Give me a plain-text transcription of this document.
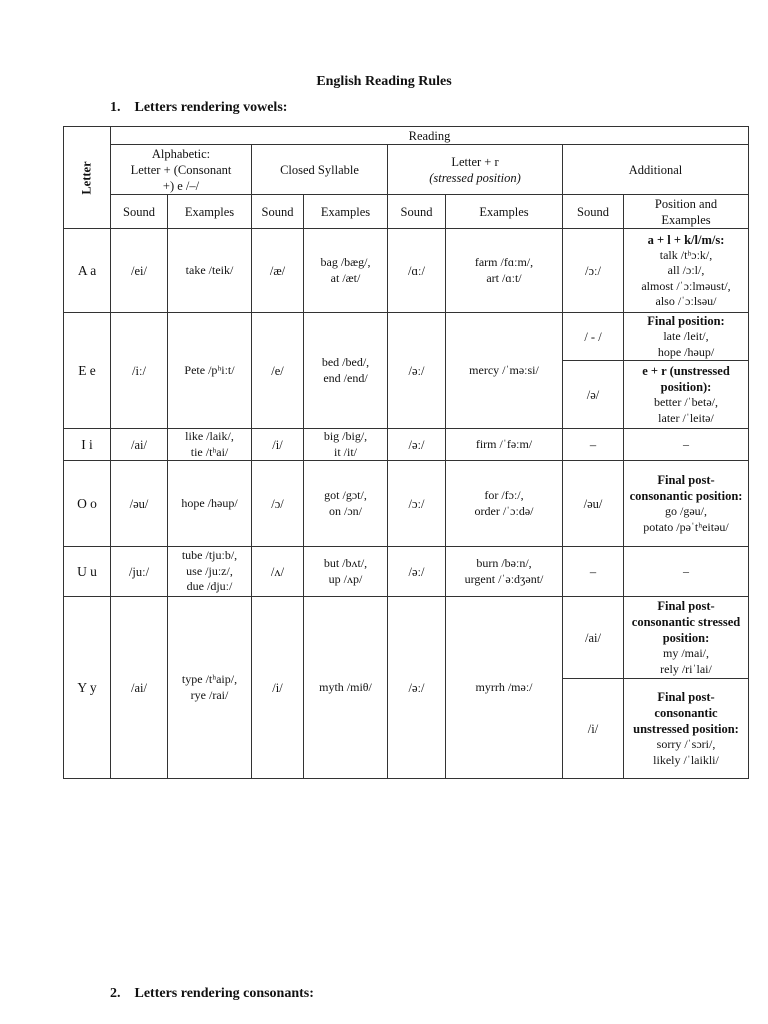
English Reading Rules
1. Letters rendering vowels:
Letter	Reading							

	Alphabetic:
Letter + (Consonant
+) e /–/		Closed Syllable		Letter + r
(stressed position)		Additional	
	Sound	Examples	Sound	Examples	Sound	Examples	Sound	Position and
Examples

A a	/ei/	take /teik/	/æ/	bag /bæg/,
at /æt/	/ɑː/	farm /fɑːm/,
art /ɑːt/	/ɔː/	a + l + k/l/m/s:
talk /tʰɔːk/,
all /ɔːl/,
almost /ˈɔːlməust/,
also /ˈɔːlsəu/

E e	/iː/	Pete /pʰiːt/	/e/	bed /bed/,
end /end/	/əː/	mercy /ˈməːsi/	/ - /	Final position:
late /leit/,
hope /həup/

							/ə/	e + r (unstressed position):
better /ˈbetə/,
later /ˈleitə/

I i	/ai/	like /laik/,
tie /tʰai/	/i/	big /big/,
it /it/	/əː/	firm /ˈfəːm/	–	–

O o	/əu/	hope /həup/	/ɔ/	got /gɔt/,
on /ɔn/	/ɔː/	for /fɔː/,
order /ˈɔːdə/	/əu/	Final post-consonantic position:
go /gəu/,
potato /pəˈtʰeitəu/

U u	/juː/	tube /tjuːb/,
use /juːz/,
due /djuː/	/ʌ/	but /bʌt/,
up /ʌp/	/əː/	burn /bəːn/,
urgent /ˈəːdʒənt/	–	–

Y y	/ai/	type /tʰaip/,
rye /rai/	/i/	myth /miθ/	/əː/	myrrh /məː/	/ai/	Final post-consonantic stressed position:
my /mai/,
rely /riˈlai/

							/i/	Final post-consonantic unstressed position:
sorry /ˈsɔri/,
likely /ˈlaikli/
2. Letters rendering consonants:
